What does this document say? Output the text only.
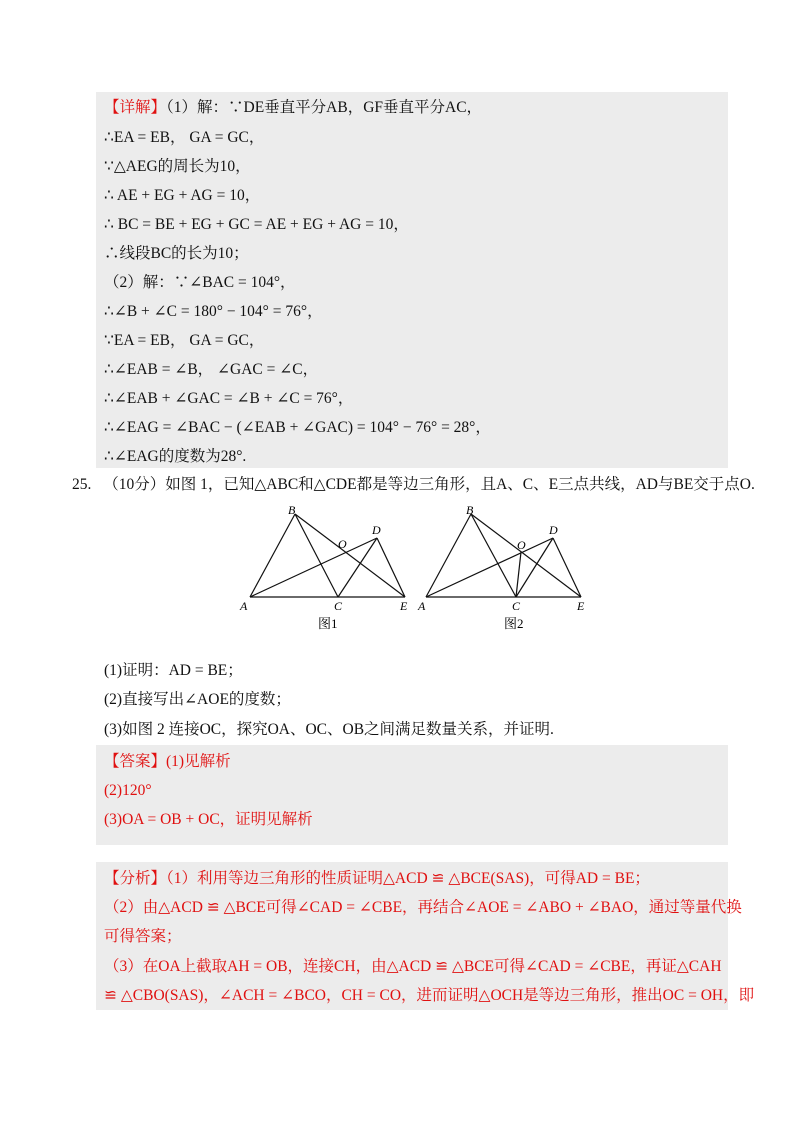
【详解】（1）解：∵DE垂直平分AB，GF垂直平分AC，
∴EA = EB， GA = GC，
∵△AEG的周长为10，
∴ AE + EG + AG = 10，
∴ BC = BE + EG + GC = AE + EG + AG = 10，
∴线段BC的长为10；
（2）解：∵∠BAC = 104°，
∴∠B + ∠C = 180° − 104° = 76°，
∵EA = EB， GA = GC，
∴∠EAB = ∠B， ∠GAC = ∠C，
∴∠EAB + ∠GAC = ∠B + ∠C = 76°，
∴∠EAG = ∠BAC − (∠EAB + ∠GAC) = 104° − 76° = 28°，
∴∠EAG的度数为28°.
25. （10分）如图 1，已知△ABC和△CDE都是等边三角形，且A、C、E三点共线，AD与BE交于点O.
B
D
O
A	C	E
图1
B
D
O
A	C	E
图2
(1)证明：AD = BE；
(2)直接写出∠AOE的度数；
(3)如图 2 连接OC，探究OA、OC、OB之间满足数量关系，并证明.
【答案】(1)见解析
(2)120°
(3)OA = OB + OC，证明见解析
【分析】（1）利用等边三角形的性质证明△ACD ≌ △BCE(SAS)，可得AD = BE；
（2）由△ACD ≌ △BCE可得∠CAD = ∠CBE，再结合∠AOE = ∠ABO + ∠BAO，通过等量代换
可得答案；
（3）在OA上截取AH = OB，连接CH，由△ACD ≌ △BCE可得∠CAD = ∠CBE，再证△CAH
≌ △CBO(SAS)，∠ACH = ∠BCO，CH = CO，进而证明△OCH是等边三角形，推出OC = OH，即
